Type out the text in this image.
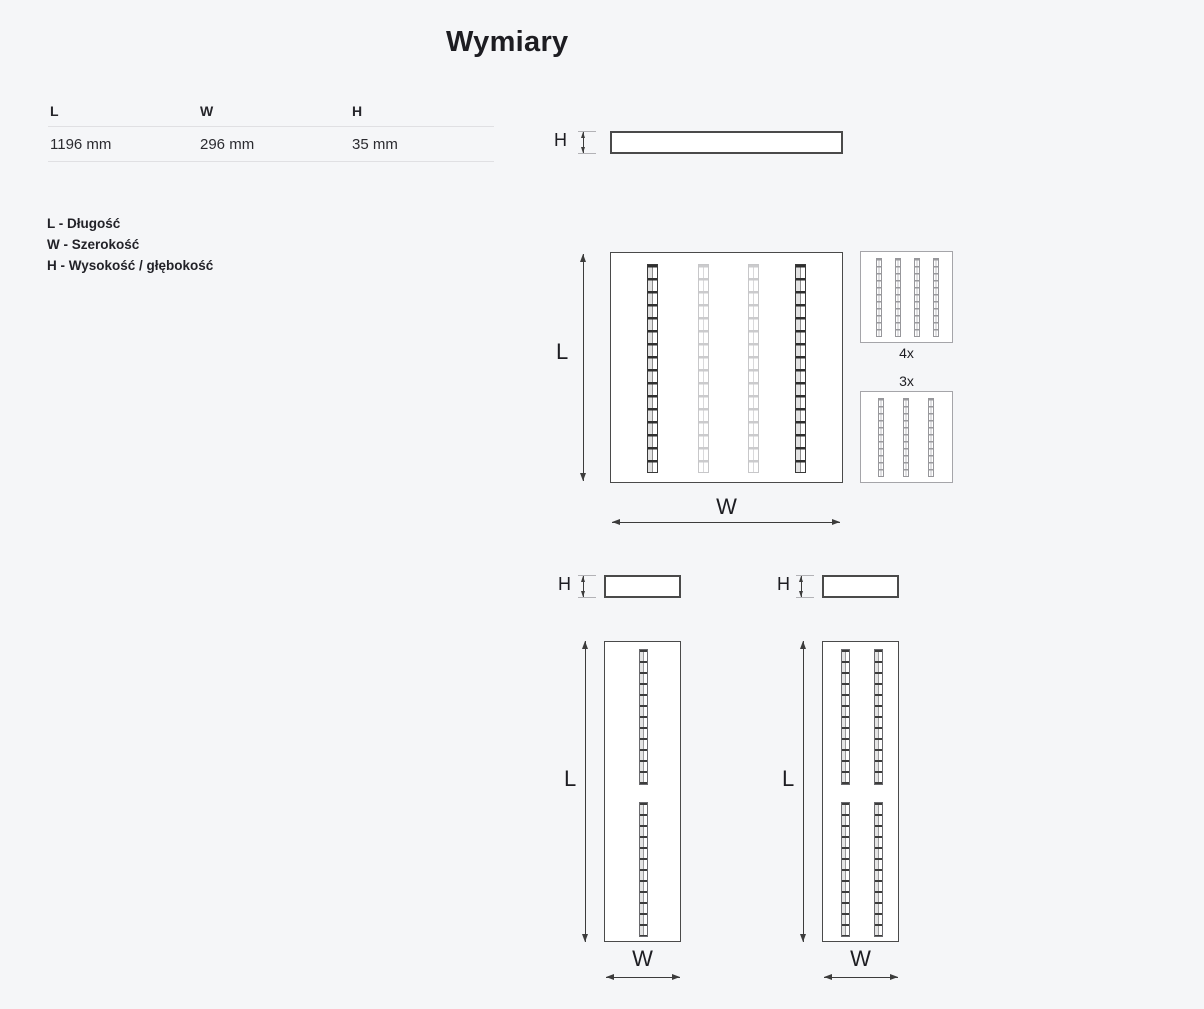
Wymiary
L	W	H
1196 mm	296 mm	35 mm
L - Długość
W - Szerokość
H - Wysokość / głębokość
H
L
W
4x
3x
H
L
W
H
L
W
